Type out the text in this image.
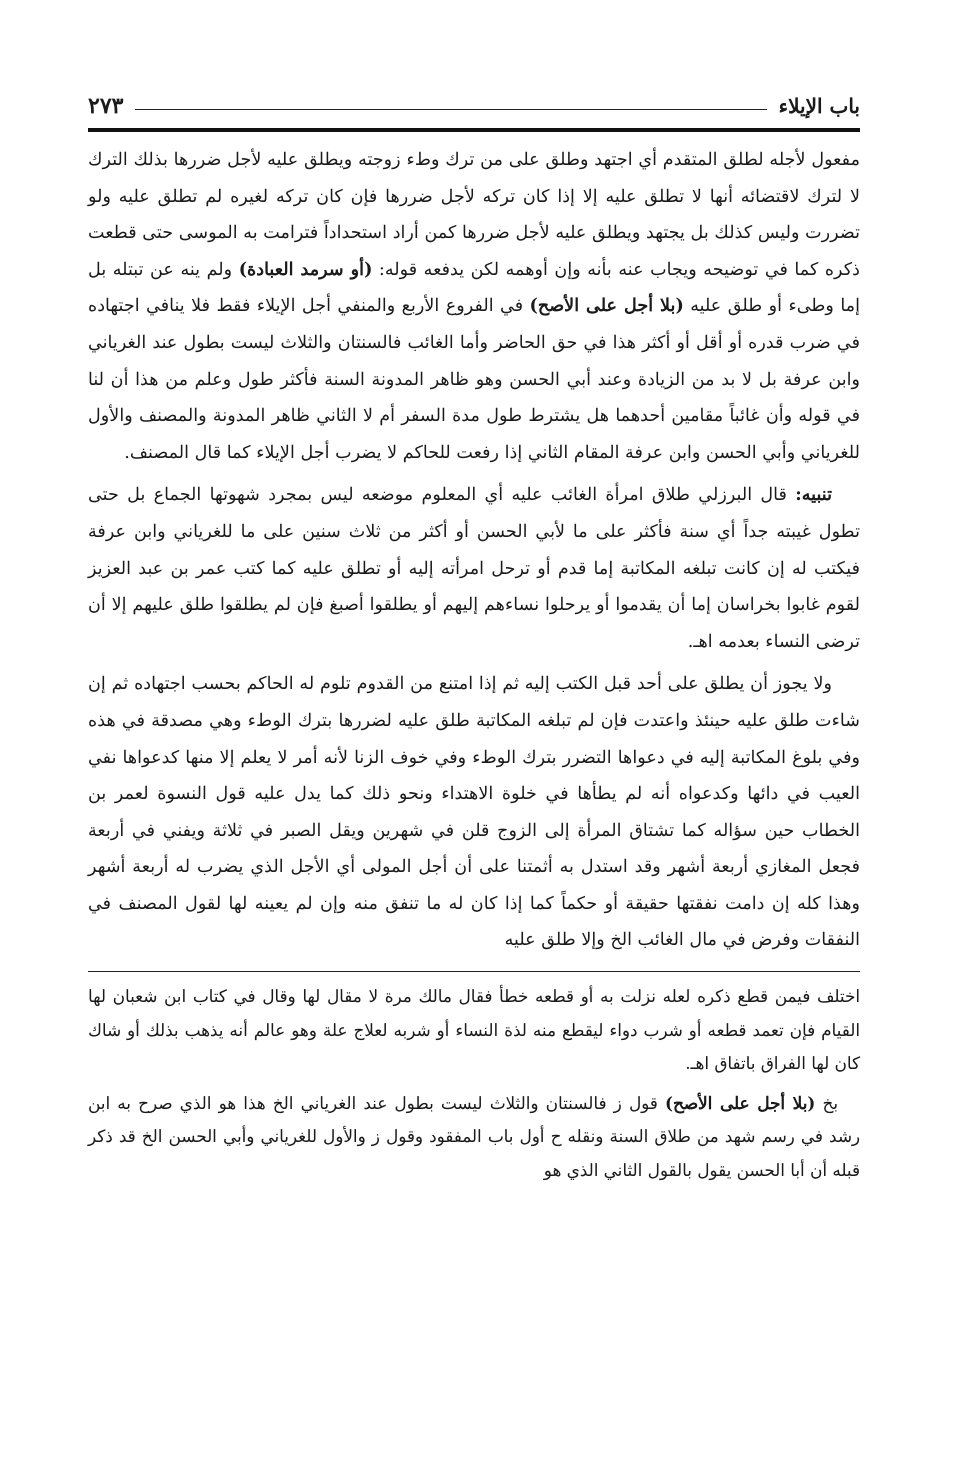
باب الإيلاء
٢٧٣

مفعول لأجله لطلق المتقدم أي اجتهد وطلق على من ترك وطء زوجته ويطلق عليه لأجل ضررها بذلك الترك لا لترك لاقتضائه أنها لا تطلق عليه إلا إذا كان تركه لأجل ضررها فإن كان تركه لغيره لم تطلق عليه ولو تضررت وليس كذلك بل يجتهد ويطلق عليه لأجل ضررها كمن أراد استحداداً فترامت به الموسى حتى قطعت ذكره كما في توضيحه ويجاب عنه بأنه وإن أوهمه لكن يدفعه قوله: (أو سرمد العبادة) ولم ينه عن تبتله بل إما وطىء أو طلق عليه (بلا أجل على الأصح) في الفروع الأربع والمنفي أجل الإيلاء فقط فلا ينافي اجتهاده في ضرب قدره أو أقل أو أكثر هذا في حق الحاضر وأما الغائب فالسنتان والثلاث ليست بطول عند الغرياني وابن عرفة بل لا بد من الزيادة وعند أبي الحسن وهو ظاهر المدونة السنة فأكثر طول وعلم من هذا أن لنا في قوله وأن غائباً مقامين أحدهما هل يشترط طول مدة السفر أم لا الثاني ظاهر المدونة والمصنف والأول للغرياني وأبي الحسن وابن عرفة المقام الثاني إذا رفعت للحاكم لا يضرب أجل الإيلاء كما قال المصنف.

تنبيه: قال البرزلي طلاق امرأة الغائب عليه أي المعلوم موضعه ليس بمجرد شهوتها الجماع بل حتى تطول غيبته جداً أي سنة فأكثر على ما لأبي الحسن أو أكثر من ثلاث سنين على ما للغرياني وابن عرفة فيكتب له إن كانت تبلغه المكاتبة إما قدم أو ترحل امرأته إليه أو تطلق عليه كما كتب عمر بن عبد العزيز لقوم غابوا بخراسان إما أن يقدموا أو يرحلوا نساءهم إليهم أو يطلقوا أصبغ فإن لم يطلقوا طلق عليهم إلا أن ترضى النساء بعدمه اهـ.

ولا يجوز أن يطلق على أحد قبل الكتب إليه ثم إذا امتنع من القدوم تلوم له الحاكم بحسب اجتهاده ثم إن شاءت طلق عليه حينئذ واعتدت فإن لم تبلغه المكاتبة طلق عليه لضررها بترك الوطء وهي مصدقة في هذه وفي بلوغ المكاتبة إليه في دعواها التضرر بترك الوطء وفي خوف الزنا لأنه أمر لا يعلم إلا منها كدعواها نفي العيب في دائها وكدعواه أنه لم يطأها في خلوة الاهتداء ونحو ذلك كما يدل عليه قول النسوة لعمر بن الخطاب حين سؤاله كما تشتاق المرأة إلى الزوج قلن في شهرين ويقل الصبر في ثلاثة ويفني في أربعة فجعل المغازي أربعة أشهر وقد استدل به أثمتنا على أن أجل المولى أي الأجل الذي يضرب له أربعة أشهر وهذا كله إن دامت نفقتها حقيقة أو حكماً كما إذا كان له ما تنفق منه وإن لم يعينه لها لقول المصنف في النفقات وفرض في مال الغائب الخ وإلا طلق عليه

اختلف فيمن قطع ذكره لعله نزلت به أو قطعه خطأ فقال مالك مرة لا مقال لها وقال في كتاب ابن شعبان لها القيام فإن تعمد قطعه أو شرب دواء ليقطع منه لذة النساء أو شربه لعلاج علة وهو عالم أنه يذهب بذلك أو شاك كان لها الفراق باتفاق اهـ.

بخ (بلا أجل على الأصح) قول ز فالسنتان والثلاث ليست بطول عند الغرياني الخ هذا هو الذي صرح به ابن رشد في رسم شهد من طلاق السنة ونقله ح أول باب المفقود وقول ز والأول للغرياني وأبي الحسن الخ قد ذكر قبله أن أبا الحسن يقول بالقول الثاني الذي هو
